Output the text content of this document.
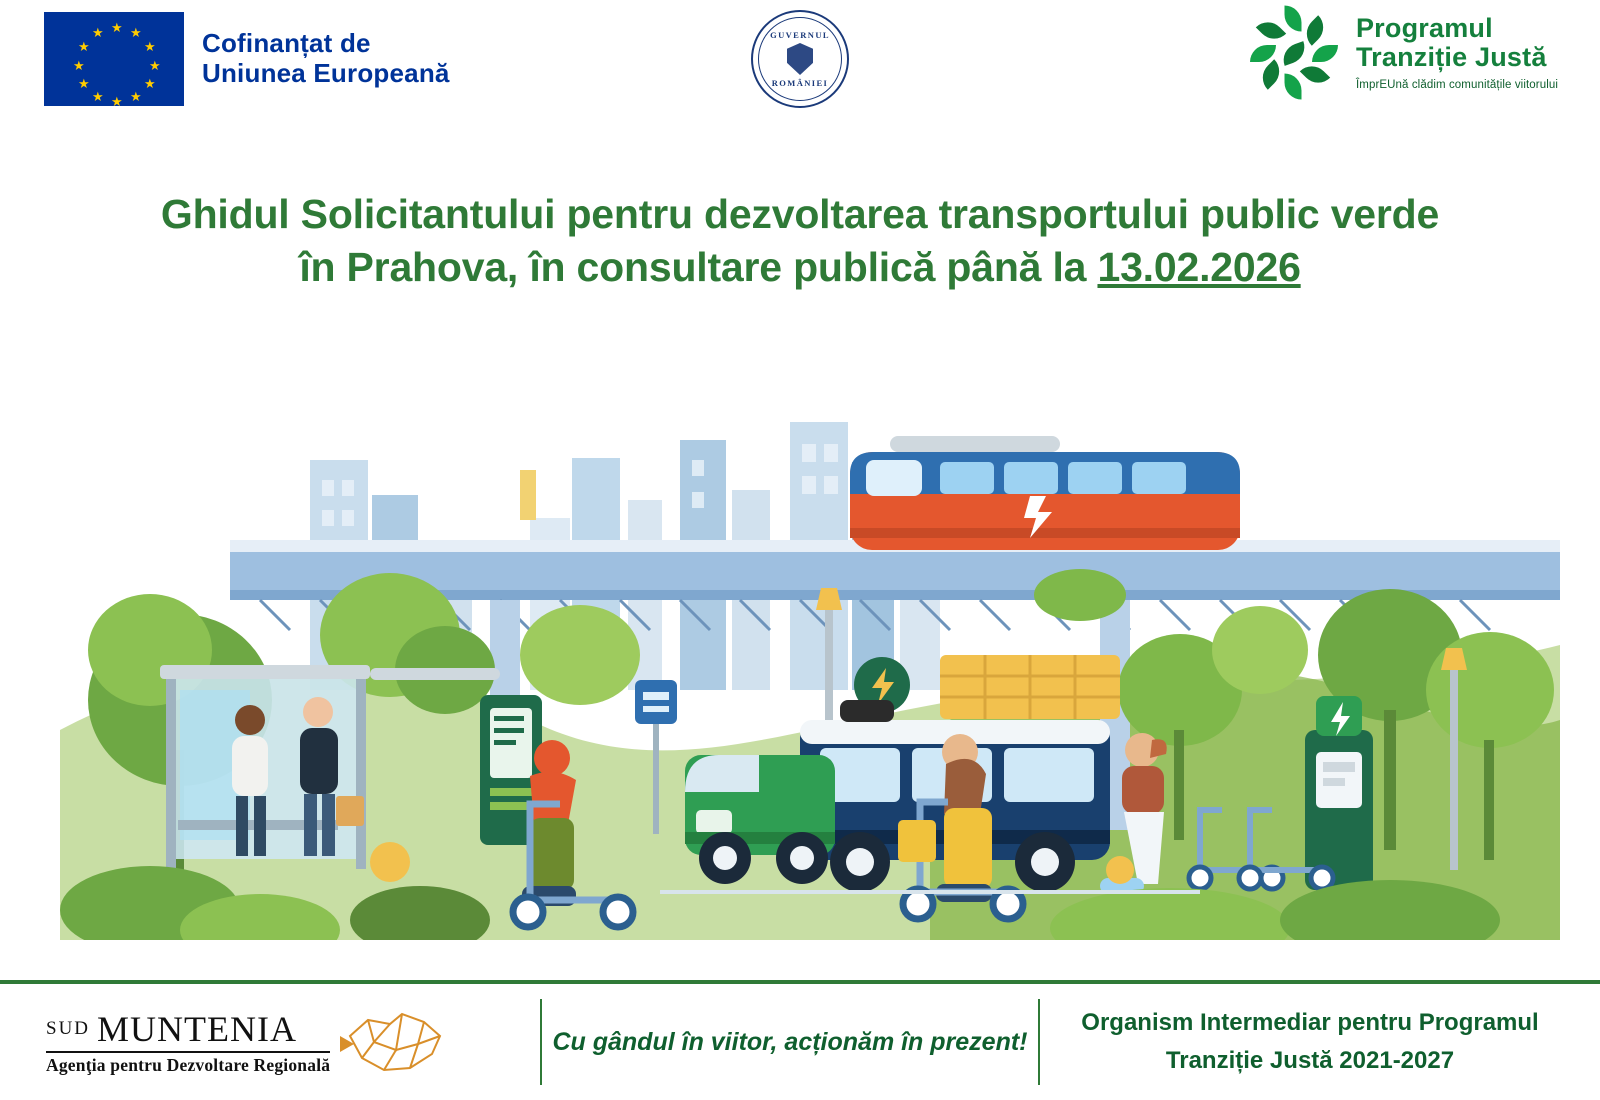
★ ★
★
★
★
★
★
★
★
★
★
★	Cofinanțat de
Uniunea Europeană
GUVERNUL
ROMÂNIEI
Programul
Tranziție Justă
ÎmprEUnă clădim comunitățile viitorului
Ghidul Solicitantului pentru dezvoltarea transportului public verde
în Prahova, în consultare publică până la 13.02.2026
SUD MUNTENIA
Agenţia pentru Dezvoltare Regională
Cu gândul în viitor, acționăm în prezent!
Organism Intermediar pentru Programul
Tranziție Justă 2021-2027
